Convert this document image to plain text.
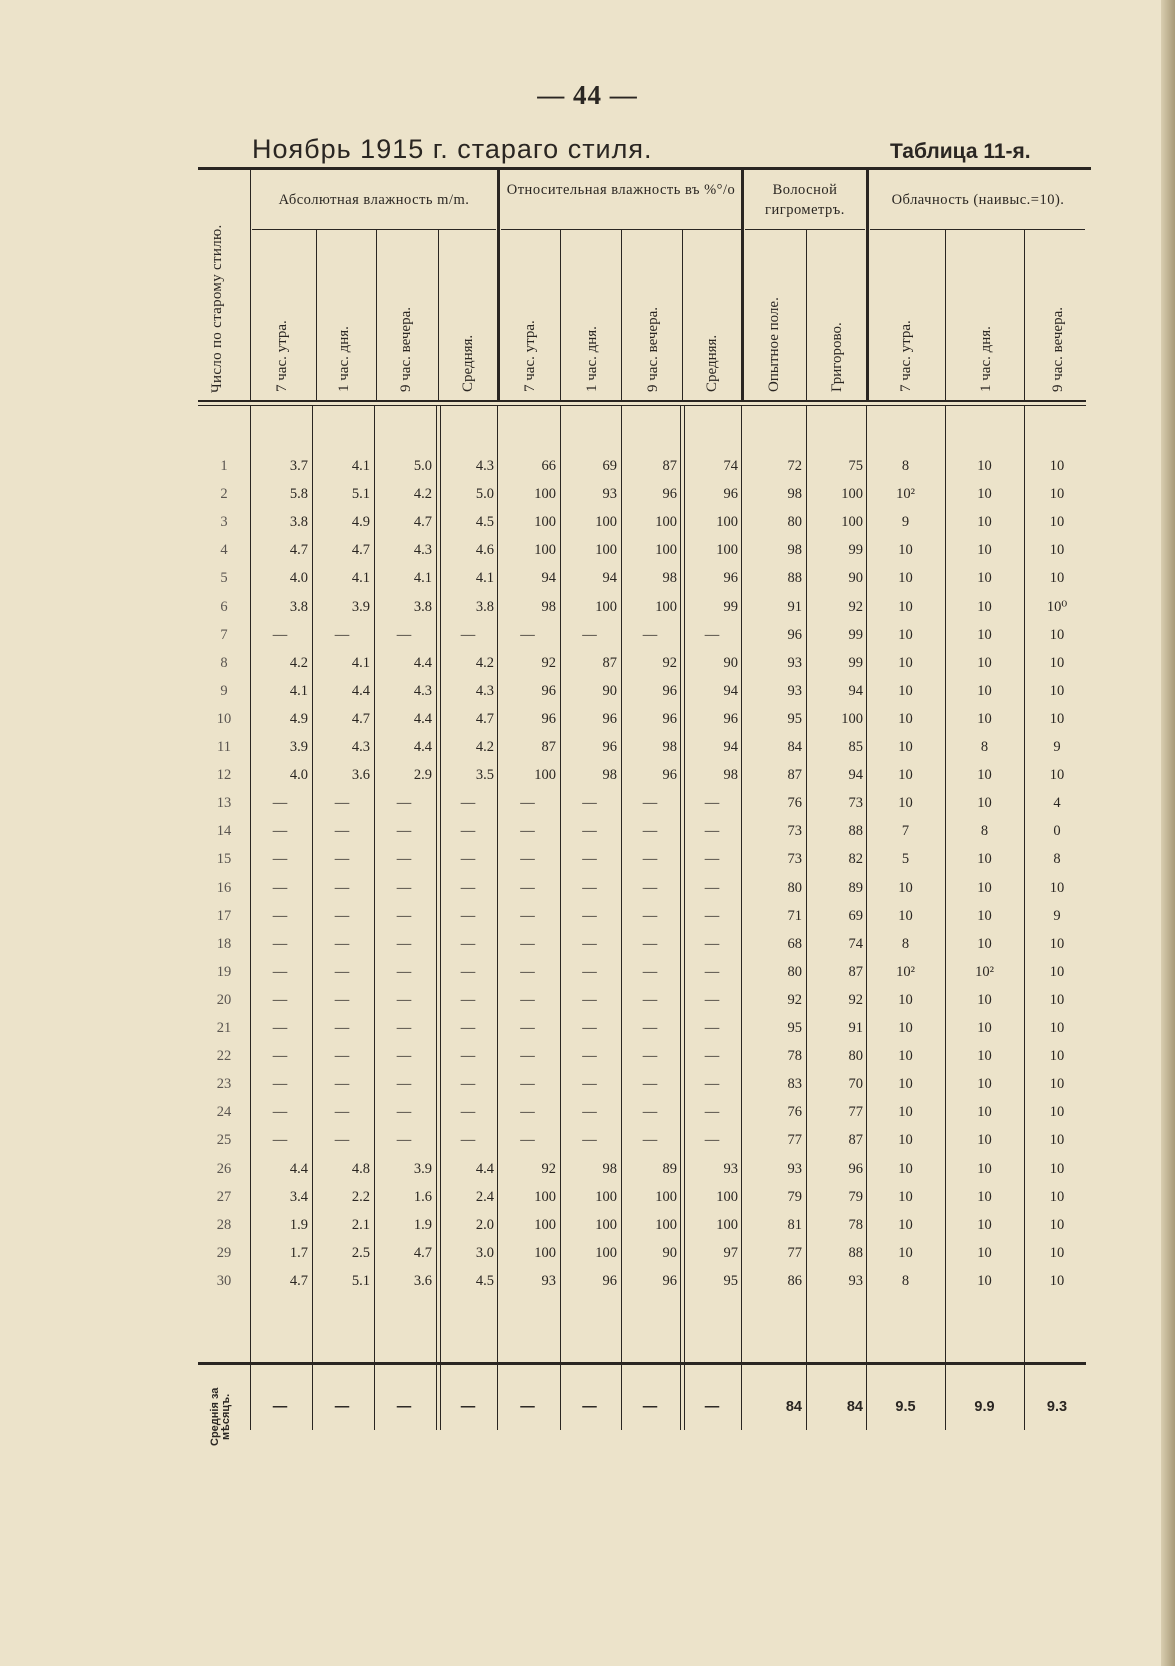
— 44 —
Ноябрь 1915 г. стараго стиля.	Таблица 11-я.
Число по старому стилю.
Абсолютная влажность m/m.
Относительная влажность въ %°/о	Волосной гигрометръ.
Облачность (наивыс.=10).
7 час. утра.	1 час. дня.	9 час. вечера.	Средняя.	7 час. утра.	1 час. дня.	9 час. вечера.	Средняя.	Опытное поле.	Григорово.	7 час. утра.	1 час. дня.	9 час. вечера.
1	3.7	4.1	5.0	4.3	66	69	87	74	72	75	8	10	10
2	5.8	5.1	4.2	5.0	100	93	96	96	98	100	10²	10	10
3	3.8	4.9	4.7	4.5	100	100	100	100	80	100	9	10	10
4	4.7	4.7	4.3	4.6	100	100	100	100	98	99	10	10	10
5	4.0	4.1	4.1	4.1	94	94	98	96	88	90	10	10	10
6	3.8	3.9	3.8	3.8	98	100	100	99	91	92	10	10	10⁰
7	—	—	—	—	—	—	—	—	96	99	10	10	10
8	4.2	4.1	4.4	4.2	92	87	92	90	93	99	10	10	10
9	4.1	4.4	4.3	4.3	96	90	96	94	93	94	10	10	10
10	4.9	4.7	4.4	4.7	96	96	96	96	95	100	10	10	10
11	3.9	4.3	4.4	4.2	87	96	98	94	84	85	10	8	9
12	4.0	3.6	2.9	3.5	100	98	96	98	87	94	10	10	10
13	—	—	—	—	—	—	—	—	76	73	10	10	4
14	—	—	—	—	—	—	—	—	73	88	7	8	0
15	—	—	—	—	—	—	—	—	73	82	5	10	8
16	—	—	—	—	—	—	—	—	80	89	10	10	10
17	—	—	—	—	—	—	—	—	71	69	10	10	9
18	—	—	—	—	—	—	—	—	68	74	8	10	10
19	—	—	—	—	—	—	—	—	80	87	10²	10²	10
20	—	—	—	—	—	—	—	—	92	92	10	10	10
21	—	—	—	—	—	—	—	—	95	91	10	10	10
22	—	—	—	—	—	—	—	—	78	80	10	10	10
23	—	—	—	—	—	—	—	—	83	70	10	10	10
24	—	—	—	—	—	—	—	—	76	77	10	10	10
25	—	—	—	—	—	—	—	—	77	87	10	10	10
26	4.4	4.8	3.9	4.4	92	98	89	93	93	96	10	10	10
27	3.4	2.2	1.6	2.4	100	100	100	100	79	79	10	10	10
28	1.9	2.1	1.9	2.0	100	100	100	100	81	78	10	10	10
29	1.7	2.5	4.7	3.0	100	100	90	97	77	88	10	10	10
30	4.7	5.1	3.6	4.5	93	96	96	95	86	93	8	10	10
Среднія за мѣсяцъ.	—	—	—	—	—	—	—	—	84	84	9.5	9.9	9.3
